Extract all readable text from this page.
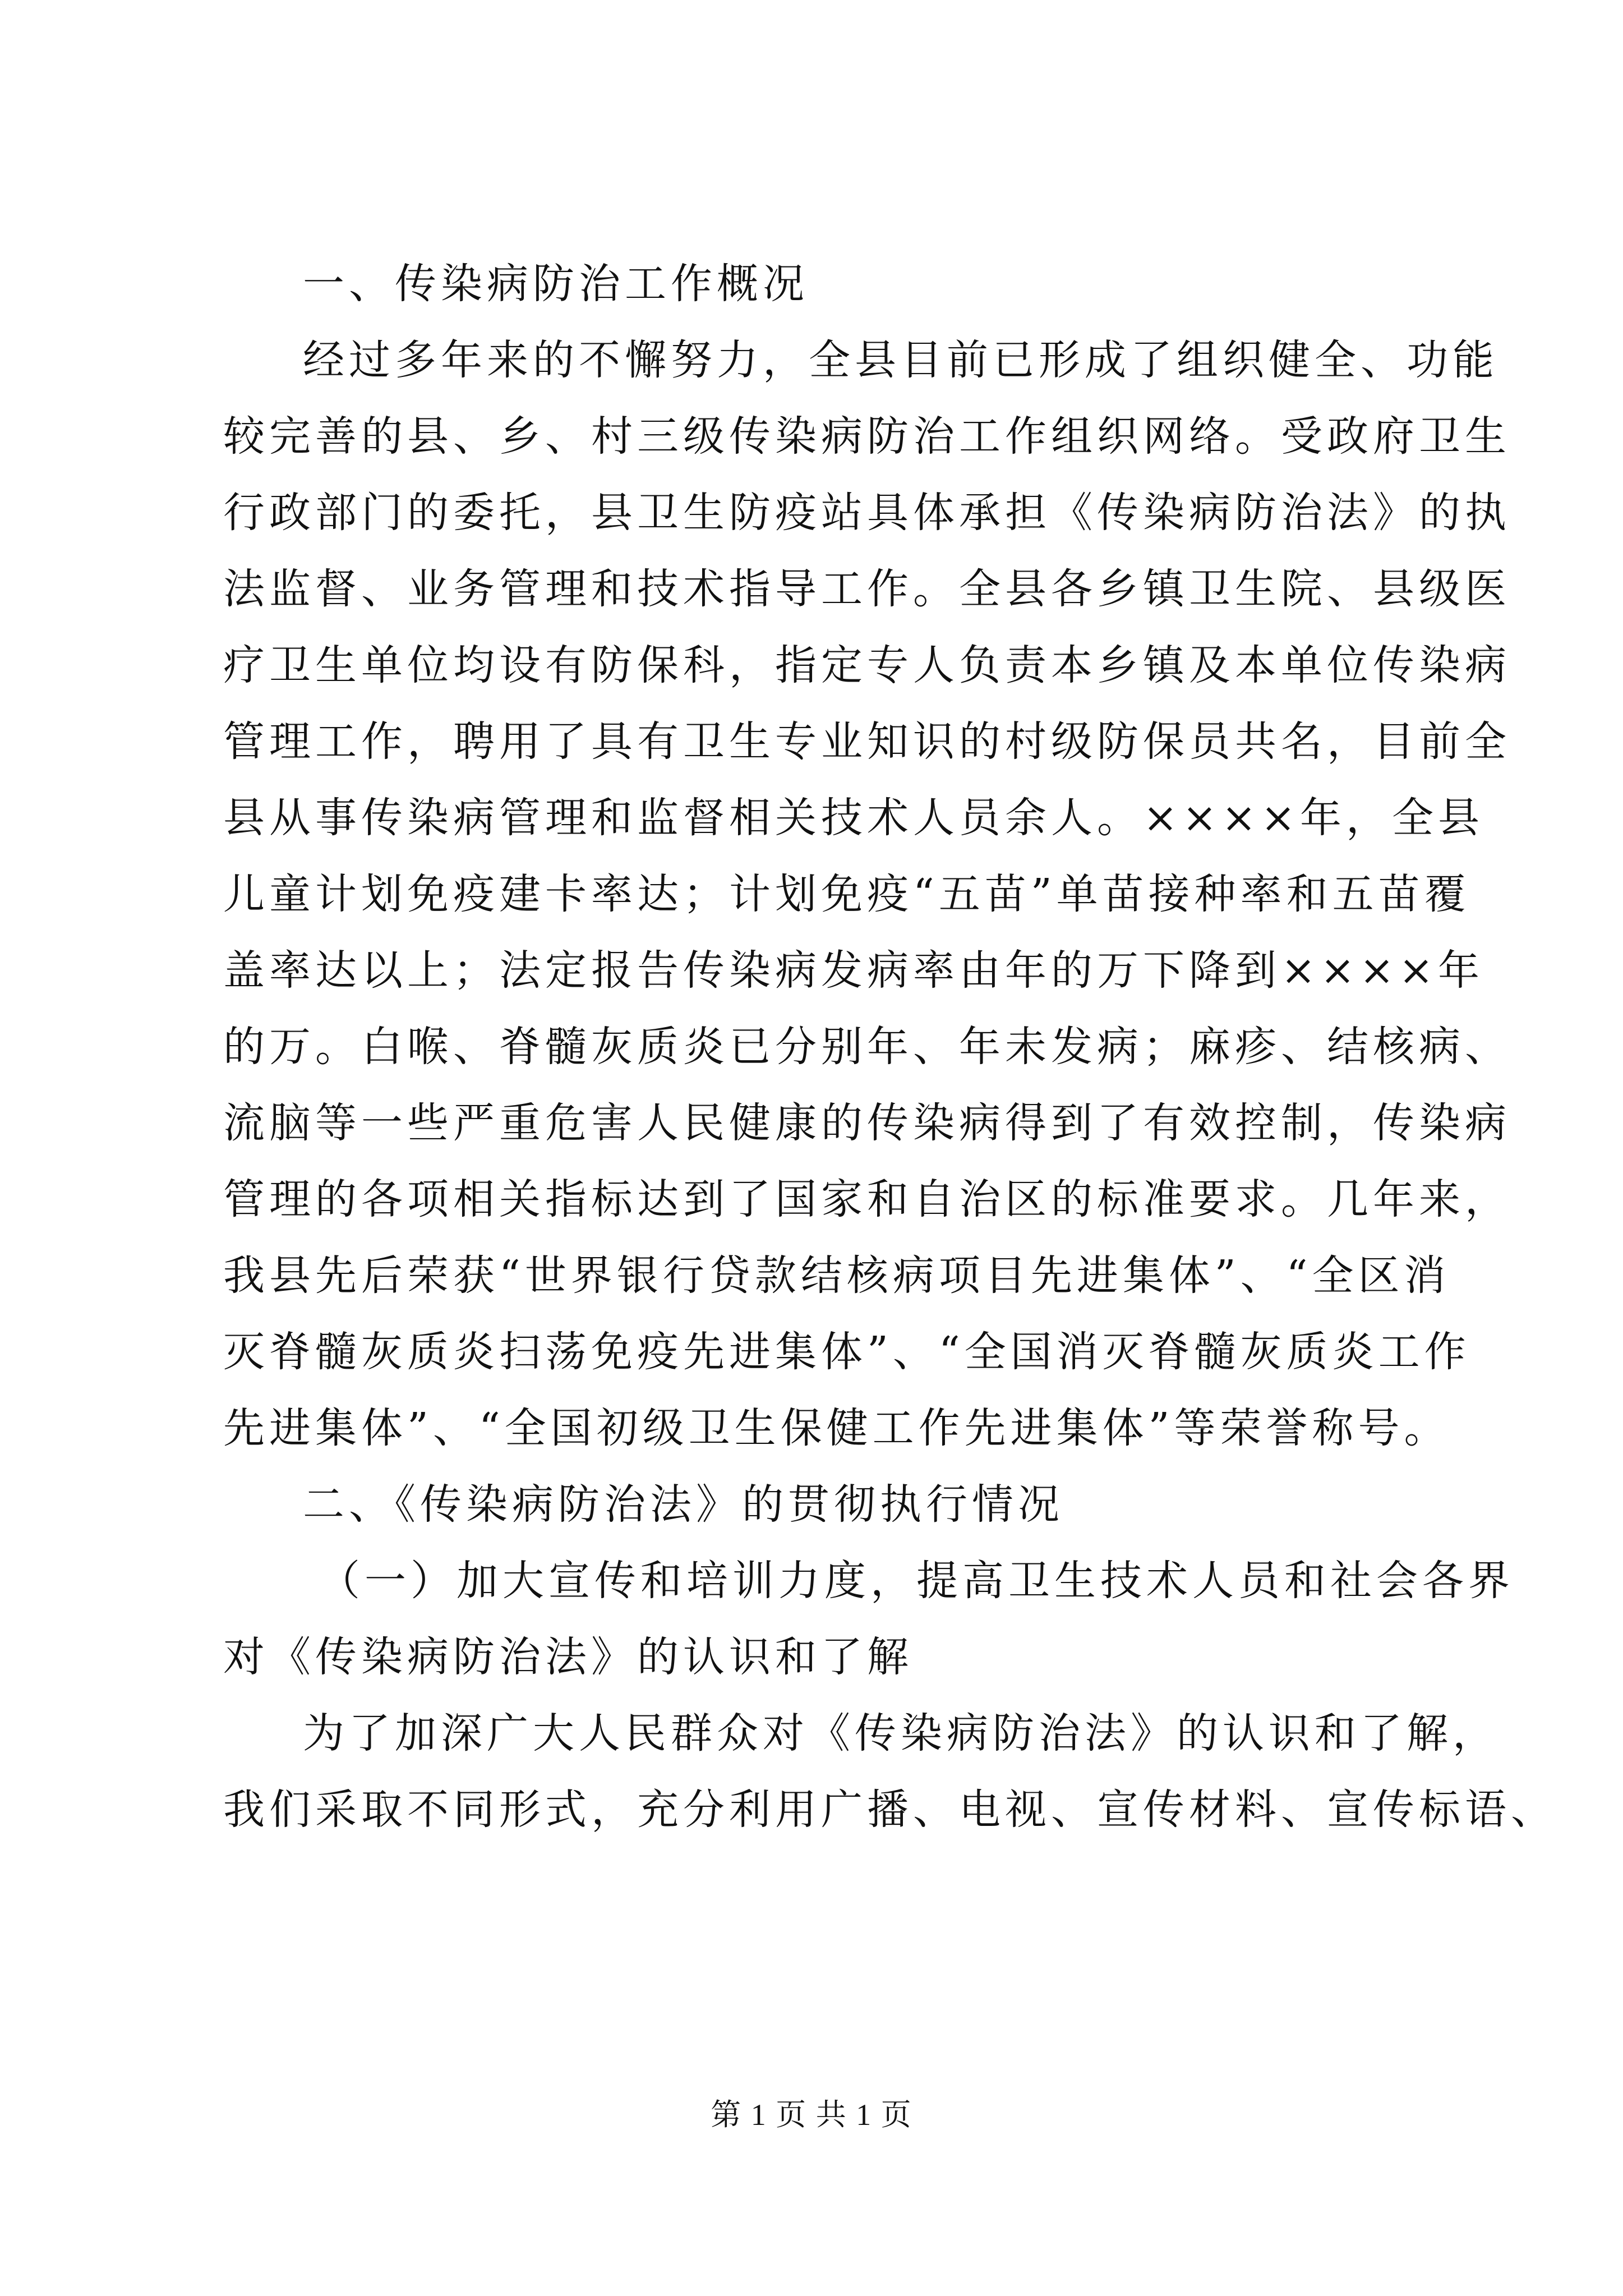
一、传染病防治工作概况
经过多年来的不懈努力，全县目前已形成了组织健全、功能
较完善的县、乡、村三级传染病防治工作组织网络。受政府卫生
行政部门的委托，县卫生防疫站具体承担《传染病防治法》的执
法监督、业务管理和技术指导工作。全县各乡镇卫生院、县级医
疗卫生单位均设有防保科，指定专人负责本乡镇及本单位传染病
管理工作，聘用了具有卫生专业知识的村级防保员共名，目前全
县从事传染病管理和监督相关技术人员余人。××××年，全县
儿童计划免疫建卡率达；计划免疫“五苗”单苗接种率和五苗覆
盖率达以上；法定报告传染病发病率由年的万下降到××××年
的万。白喉、脊髓灰质炎已分别年、年未发病；麻疹、结核病、
流脑等一些严重危害人民健康的传染病得到了有效控制，传染病
管理的各项相关指标达到了国家和自治区的标准要求。几年来，
我县先后荣获“世界银行贷款结核病项目先进集体”、“全区消
灭脊髓灰质炎扫荡免疫先进集体”、“全国消灭脊髓灰质炎工作
先进集体”、“全国初级卫生保健工作先进集体”等荣誉称号。
二、《传染病防治法》的贯彻执行情况
（一）加大宣传和培训力度，提高卫生技术人员和社会各界
对《传染病防治法》的认识和了解
为了加深广大人民群众对《传染病防治法》的认识和了解，
我们采取不同形式，充分利用广播、电视、宣传材料、宣传标语、
第 1 页 共 1 页
